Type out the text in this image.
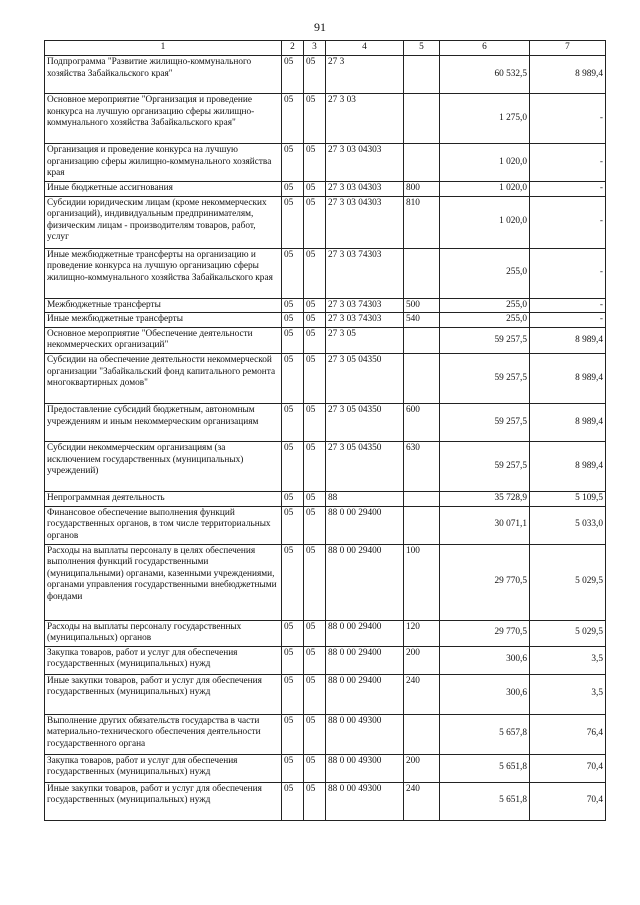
91
1	2	3	4	5	6	7
Подпрограмма "Развитие жилищно-коммунального хозяйства Забайкальского края"	05	05	27 3		60 532,5	8 989,4
Основное мероприятие "Организация и проведение конкурса на лучшую организацию сферы жилищно-коммунального хозяйства Забайкальского края"	05	05	27 3 03		1 275,0	-
Организация и проведение конкурса на лучшую организацию сферы жилищно-коммунального хозяйства края	05	05	27 3 03 04303		1 020,0	-
Иные бюджетные ассигнования	05	05	27 3 03 04303	800	1 020,0	-
Субсидии юридическим лицам (кроме некоммерческих организаций), индивидуальным предпринимателям, физическим лицам - производителям товаров, работ, услуг	05	05	27 3 03 04303	810	1 020,0	-
Иные межбюджетные трансферты на организацию и проведение конкурса на лучшую организацию сферы жилищно-коммунального хозяйства Забайкальского края	05	05	27 3 03 74303		255,0	-
Межбюджетные трансферты	05	05	27 3 03 74303	500	255,0	-
Иные межбюджетные трансферты	05	05	27 3 03 74303	540	255,0	-
Основное мероприятие "Обеспечение деятельности некоммерческих организаций"	05	05	27 3 05		59 257,5	8 989,4
Субсидии на обеспечение деятельности некоммерческой организации "Забайкальский фонд капитального ремонта многоквартирных домов"	05	05	27 3 05 04350		59 257,5	8 989,4
Предоставление субсидий бюджетным, автономным учреждениям и иным некоммерческим организациям	05	05	27 3 05 04350	600	59 257,5	8 989,4
Субсидии некоммерческим организациям (за исключением государственных (муниципальных) учреждений)	05	05	27 3 05 04350	630	59 257,5	8 989,4
Непрограммная деятельность	05	05	88		35 728,9	5 109,5
Финансовое обеспечение выполнения функций государственных органов, в том числе территориальных органов	05	05	88 0 00 29400		30 071,1	5 033,0
Расходы на выплаты персоналу в целях обеспечения выполнения функций государственными (муниципальными) органами, казенными учреждениями, органами управления государственными внебюджетными фондами	05	05	88 0 00 29400	100	29 770,5	5 029,5
Расходы на выплаты персоналу государственных (муниципальных) органов	05	05	88 0 00 29400	120	29 770,5	5 029,5
Закупка товаров, работ и услуг для обеспечения государственных (муниципальных) нужд	05	05	88 0 00 29400	200	300,6	3,5
Иные закупки товаров, работ и услуг для обеспечения государственных (муниципальных) нужд	05	05	88 0 00 29400	240	300,6	3,5
Выполнение других обязательств государства в части материально-технического обеспечения деятельности государственного органа	05	05	88 0 00 49300		5 657,8	76,4
Закупка товаров, работ и услуг для обеспечения государственных (муниципальных) нужд	05	05	88 0 00 49300	200	5 651,8	70,4
Иные закупки товаров, работ и услуг для обеспечения государственных (муниципальных) нужд	05	05	88 0 00 49300	240	5 651,8	70,4
